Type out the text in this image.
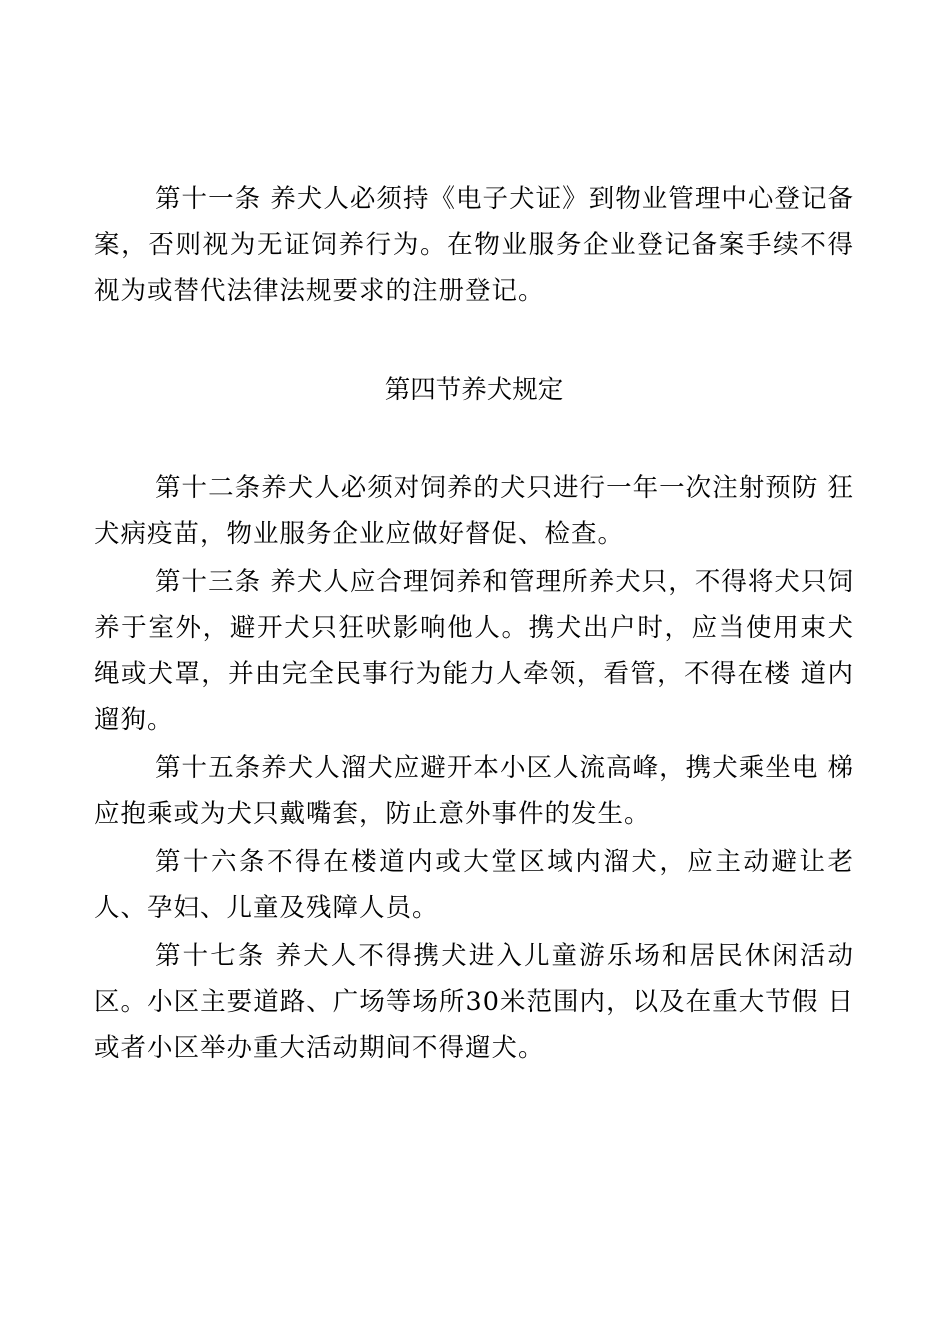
第十一条 养犬人必须持《电子犬证》到物业管理中心登记备案，否则视为无证饲养行为。在物业服务企业登记备案手续不得视为或替代法律法规要求的注册登记。

第四节养犬规定

第十二条养犬人必须对饲养的犬只进行一年一次注射预防 狂犬病疫苗，物业服务企业应做好督促、检查。

第十三条 养犬人应合理饲养和管理所养犬只，不得将犬只饲养于室外，避开犬只狂吠影响他人。携犬出户时，应当使用束犬绳或犬罩，并由完全民事行为能力人牵领，看管，不得在楼 道内遛狗。

第十五条养犬人溜犬应避开本小区人流高峰，携犬乘坐电 梯应抱乘或为犬只戴嘴套，防止意外事件的发生。

第十六条不得在楼道内或大堂区域内溜犬，应主动避让老人、孕妇、儿童及残障人员。

第十七条 养犬人不得携犬进入儿童游乐场和居民休闲活动区。小区主要道路、广场等场所30米范围内，以及在重大节假 日或者小区举办重大活动期间不得遛犬。
